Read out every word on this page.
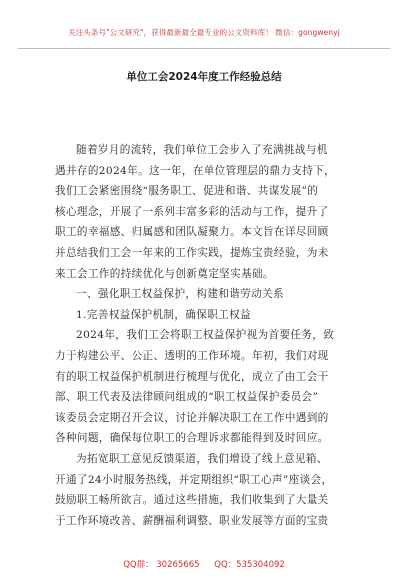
关注头条号"公文研究"，获得最新最全最专业的公文资料库！ 微信：gongwenyj
单位工会2024年度工作经验总结
随着岁月的流转，我们单位工会步入了充满挑战与机
遇并存的2024年。这一年，在单位管理层的鼎力支持下，
我们工会紧密围绕“服务职工、促进和谐、共谋发展”的
核心理念，开展了一系列丰富多彩的活动与工作，提升了
职工的幸福感、归属感和团队凝聚力。本文旨在详尽回顾
并总结我们工会一年来的工作实践，提炼宝贵经验，为未
来工会工作的持续优化与创新奠定坚实基础。
一、强化职工权益保护，构建和谐劳动关系
1.完善权益保护机制，确保职工权益
2024年，我们工会将职工权益保护视为首要任务，致
力于构建公平、公正、透明的工作环境。年初，我们对现
有的职工权益保护机制进行梳理与优化，成立了由工会干
部、职工代表及法律顾问组成的“职工权益保护委员会”
该委员会定期召开会议，讨论并解决职工在工作中遇到的
各种问题，确保每位职工的合理诉求都能得到及时回应。
为拓宽职工意见反馈渠道，我们增设了线上意见箱、
开通了24小时服务热线，并定期组织“职工心声”座谈会，
鼓励职工畅所欲言。通过这些措施，我们收集到了大量关
于工作环境改善、薪酬福利调整、职业发展等方面的宝贵
QQ群： 30265665 QQ：535304092
